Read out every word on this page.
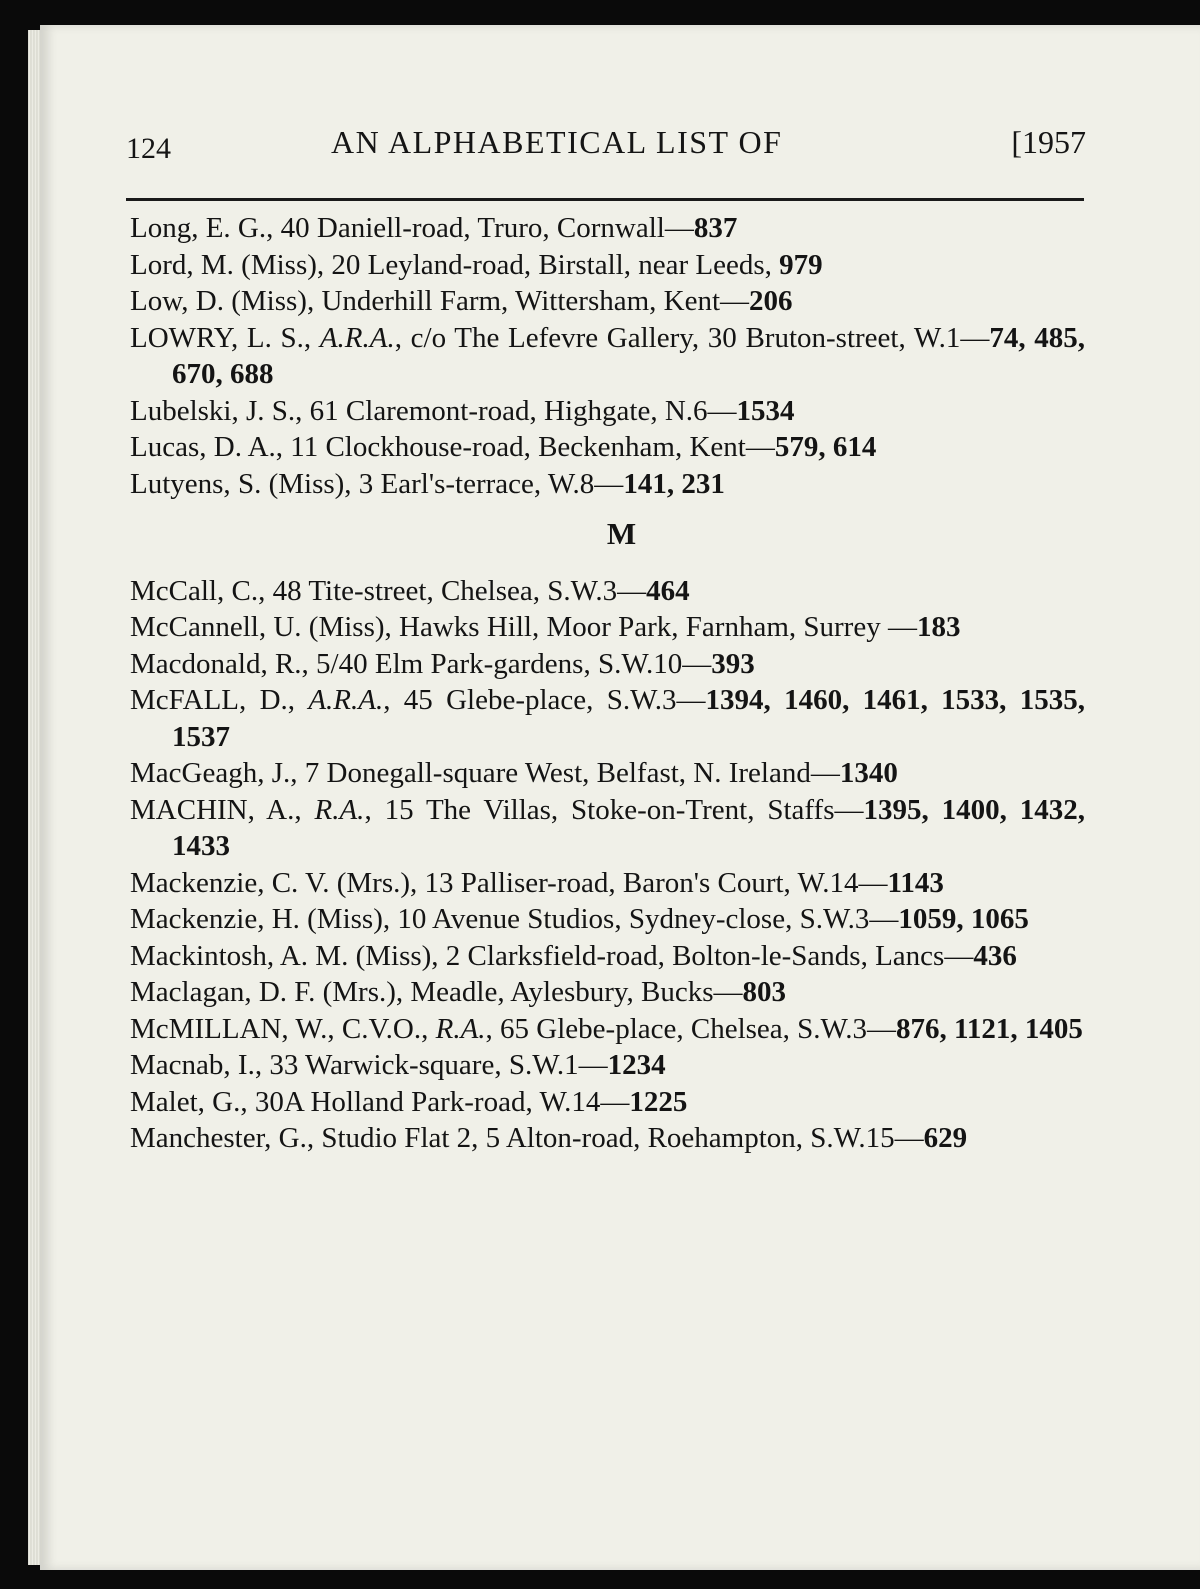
124	AN ALPHABETICAL LIST OF	[1957

Long, E. G., 40 Daniell-road, Truro, Cornwall—837

Lord, M. (Miss), 20 Leyland-road, Birstall, near Leeds, 979

Low, D. (Miss), Underhill Farm, Wittersham, Kent—206

LOWRY, L. S., A.R.A., c/o The Lefevre Gallery, 30 Bruton-street, W.1—74, 485, 670, 688

Lubelski, J. S., 61 Claremont-road, Highgate, N.6—1534

Lucas, D. A., 11 Clockhouse-road, Beckenham, Kent—579, 614

Lutyens, S. (Miss), 3 Earl's-terrace, W.8—141, 231

M

McCall, C., 48 Tite-street, Chelsea, S.W.3—464

McCannell, U. (Miss), Hawks Hill, Moor Park, Farnham, Surrey —183

Macdonald, R., 5/40 Elm Park-gardens, S.W.10—393

McFALL, D., A.R.A., 45 Glebe-place, S.W.3—1394, 1460, 1461, 1533, 1535, 1537

MacGeagh, J., 7 Donegall-square West, Belfast, N. Ireland—1340

MACHIN, A., R.A., 15 The Villas, Stoke-on-Trent, Staffs—1395, 1400, 1432, 1433

Mackenzie, C. V. (Mrs.), 13 Palliser-road, Baron's Court, W.14—1143

Mackenzie, H. (Miss), 10 Avenue Studios, Sydney-close, S.W.3—1059, 1065

Mackintosh, A. M. (Miss), 2 Clarksfield-road, Bolton-le-Sands, Lancs—436

Maclagan, D. F. (Mrs.), Meadle, Aylesbury, Bucks—803

McMILLAN, W., C.V.O., R.A., 65 Glebe-place, Chelsea, S.W.3—876, 1121, 1405

Macnab, I., 33 Warwick-square, S.W.1—1234

Malet, G., 30A Holland Park-road, W.14—1225

Manchester, G., Studio Flat 2, 5 Alton-road, Roehampton, S.W.15—629
